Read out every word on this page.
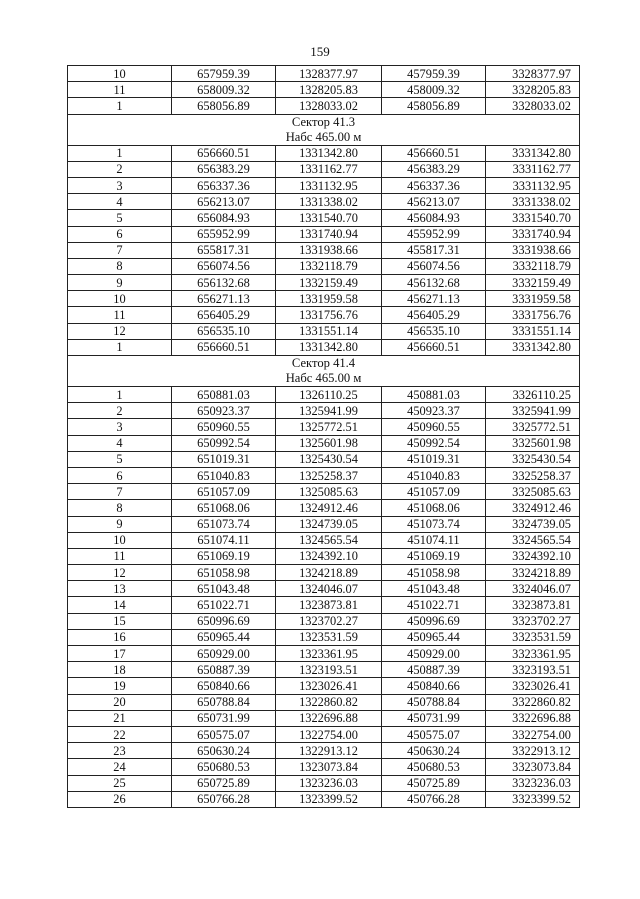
159
10	657959.39	1328377.97	457959.39	3328377.97
11	658009.32	1328205.83	458009.32	3328205.83
1	658056.89	1328033.02	458056.89	3328033.02

Сектор 41.3
Набс 465.00 м				

1	656660.51	1331342.80	456660.51	3331342.80
2	656383.29	1331162.77	456383.29	3331162.77
3	656337.36	1331132.95	456337.36	3331132.95
4	656213.07	1331338.02	456213.07	3331338.02
5	656084.93	1331540.70	456084.93	3331540.70
6	655952.99	1331740.94	455952.99	3331740.94
7	655817.31	1331938.66	455817.31	3331938.66
8	656074.56	1332118.79	456074.56	3332118.79
9	656132.68	1332159.49	456132.68	3332159.49
10	656271.13	1331959.58	456271.13	3331959.58
11	656405.29	1331756.76	456405.29	3331756.76
12	656535.10	1331551.14	456535.10	3331551.14
1	656660.51	1331342.80	456660.51	3331342.80

Сектор 41.4
Набс 465.00 м				

1	650881.03	1326110.25	450881.03	3326110.25
2	650923.37	1325941.99	450923.37	3325941.99
3	650960.55	1325772.51	450960.55	3325772.51
4	650992.54	1325601.98	450992.54	3325601.98
5	651019.31	1325430.54	451019.31	3325430.54
6	651040.83	1325258.37	451040.83	3325258.37
7	651057.09	1325085.63	451057.09	3325085.63
8	651068.06	1324912.46	451068.06	3324912.46
9	651073.74	1324739.05	451073.74	3324739.05
10	651074.11	1324565.54	451074.11	3324565.54
11	651069.19	1324392.10	451069.19	3324392.10
12	651058.98	1324218.89	451058.98	3324218.89
13	651043.48	1324046.07	451043.48	3324046.07
14	651022.71	1323873.81	451022.71	3323873.81
15	650996.69	1323702.27	450996.69	3323702.27
16	650965.44	1323531.59	450965.44	3323531.59
17	650929.00	1323361.95	450929.00	3323361.95
18	650887.39	1323193.51	450887.39	3323193.51
19	650840.66	1323026.41	450840.66	3323026.41
20	650788.84	1322860.82	450788.84	3322860.82
21	650731.99	1322696.88	450731.99	3322696.88
22	650575.07	1322754.00	450575.07	3322754.00
23	650630.24	1322913.12	450630.24	3322913.12
24	650680.53	1323073.84	450680.53	3323073.84
25	650725.89	1323236.03	450725.89	3323236.03
26	650766.28	1323399.52	450766.28	3323399.52
